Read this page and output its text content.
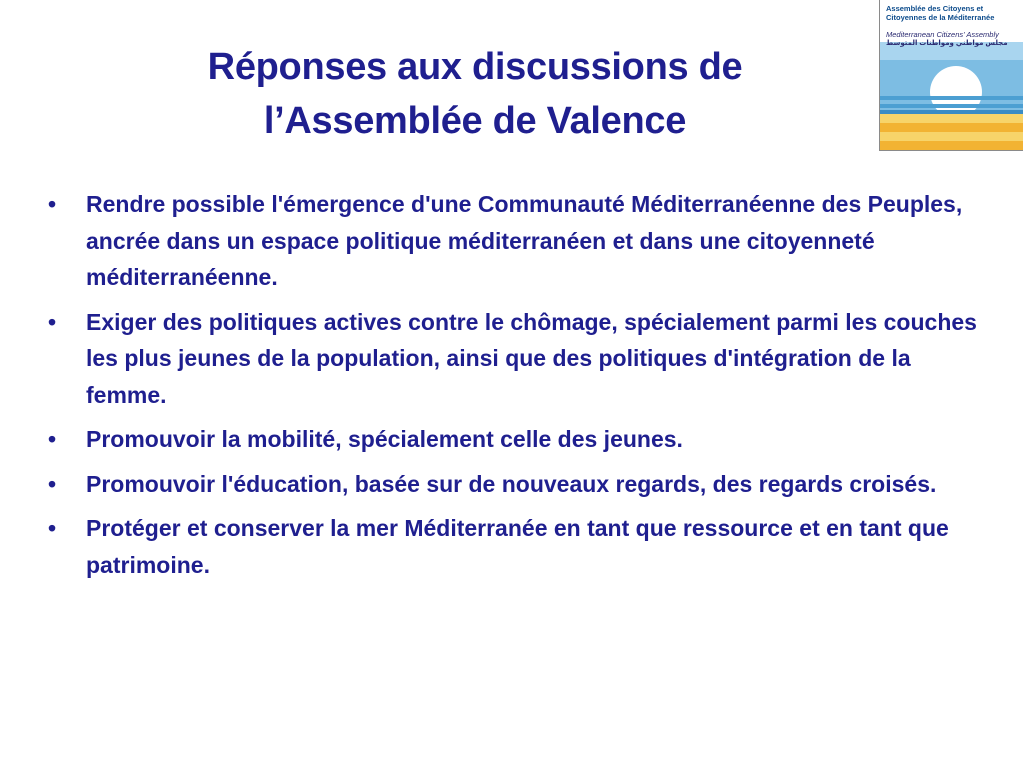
Réponses aux discussions de
l’Assemblée de Valence
Assemblée des Citoyens et
Citoyennes de la Méditerranée
Mediterranean Citizens' Assembly
مجلس مواطني ومواطنات المتوسط
• Rendre possible l'émergence d'une Communauté Méditerranéenne des Peuples, ancrée dans un espace politique méditerranéen et dans une citoyenneté méditerranéenne.
• Exiger des politiques actives contre le chômage, spécialement parmi les couches les plus jeunes de la population, ainsi que des politiques d'intégration de la femme.
• Promouvoir la mobilité, spécialement celle des jeunes.
• Promouvoir l'éducation, basée sur de nouveaux regards, des regards croisés.
• Protéger et conserver la mer Méditerranée en tant que ressource et en tant que patrimoine.
